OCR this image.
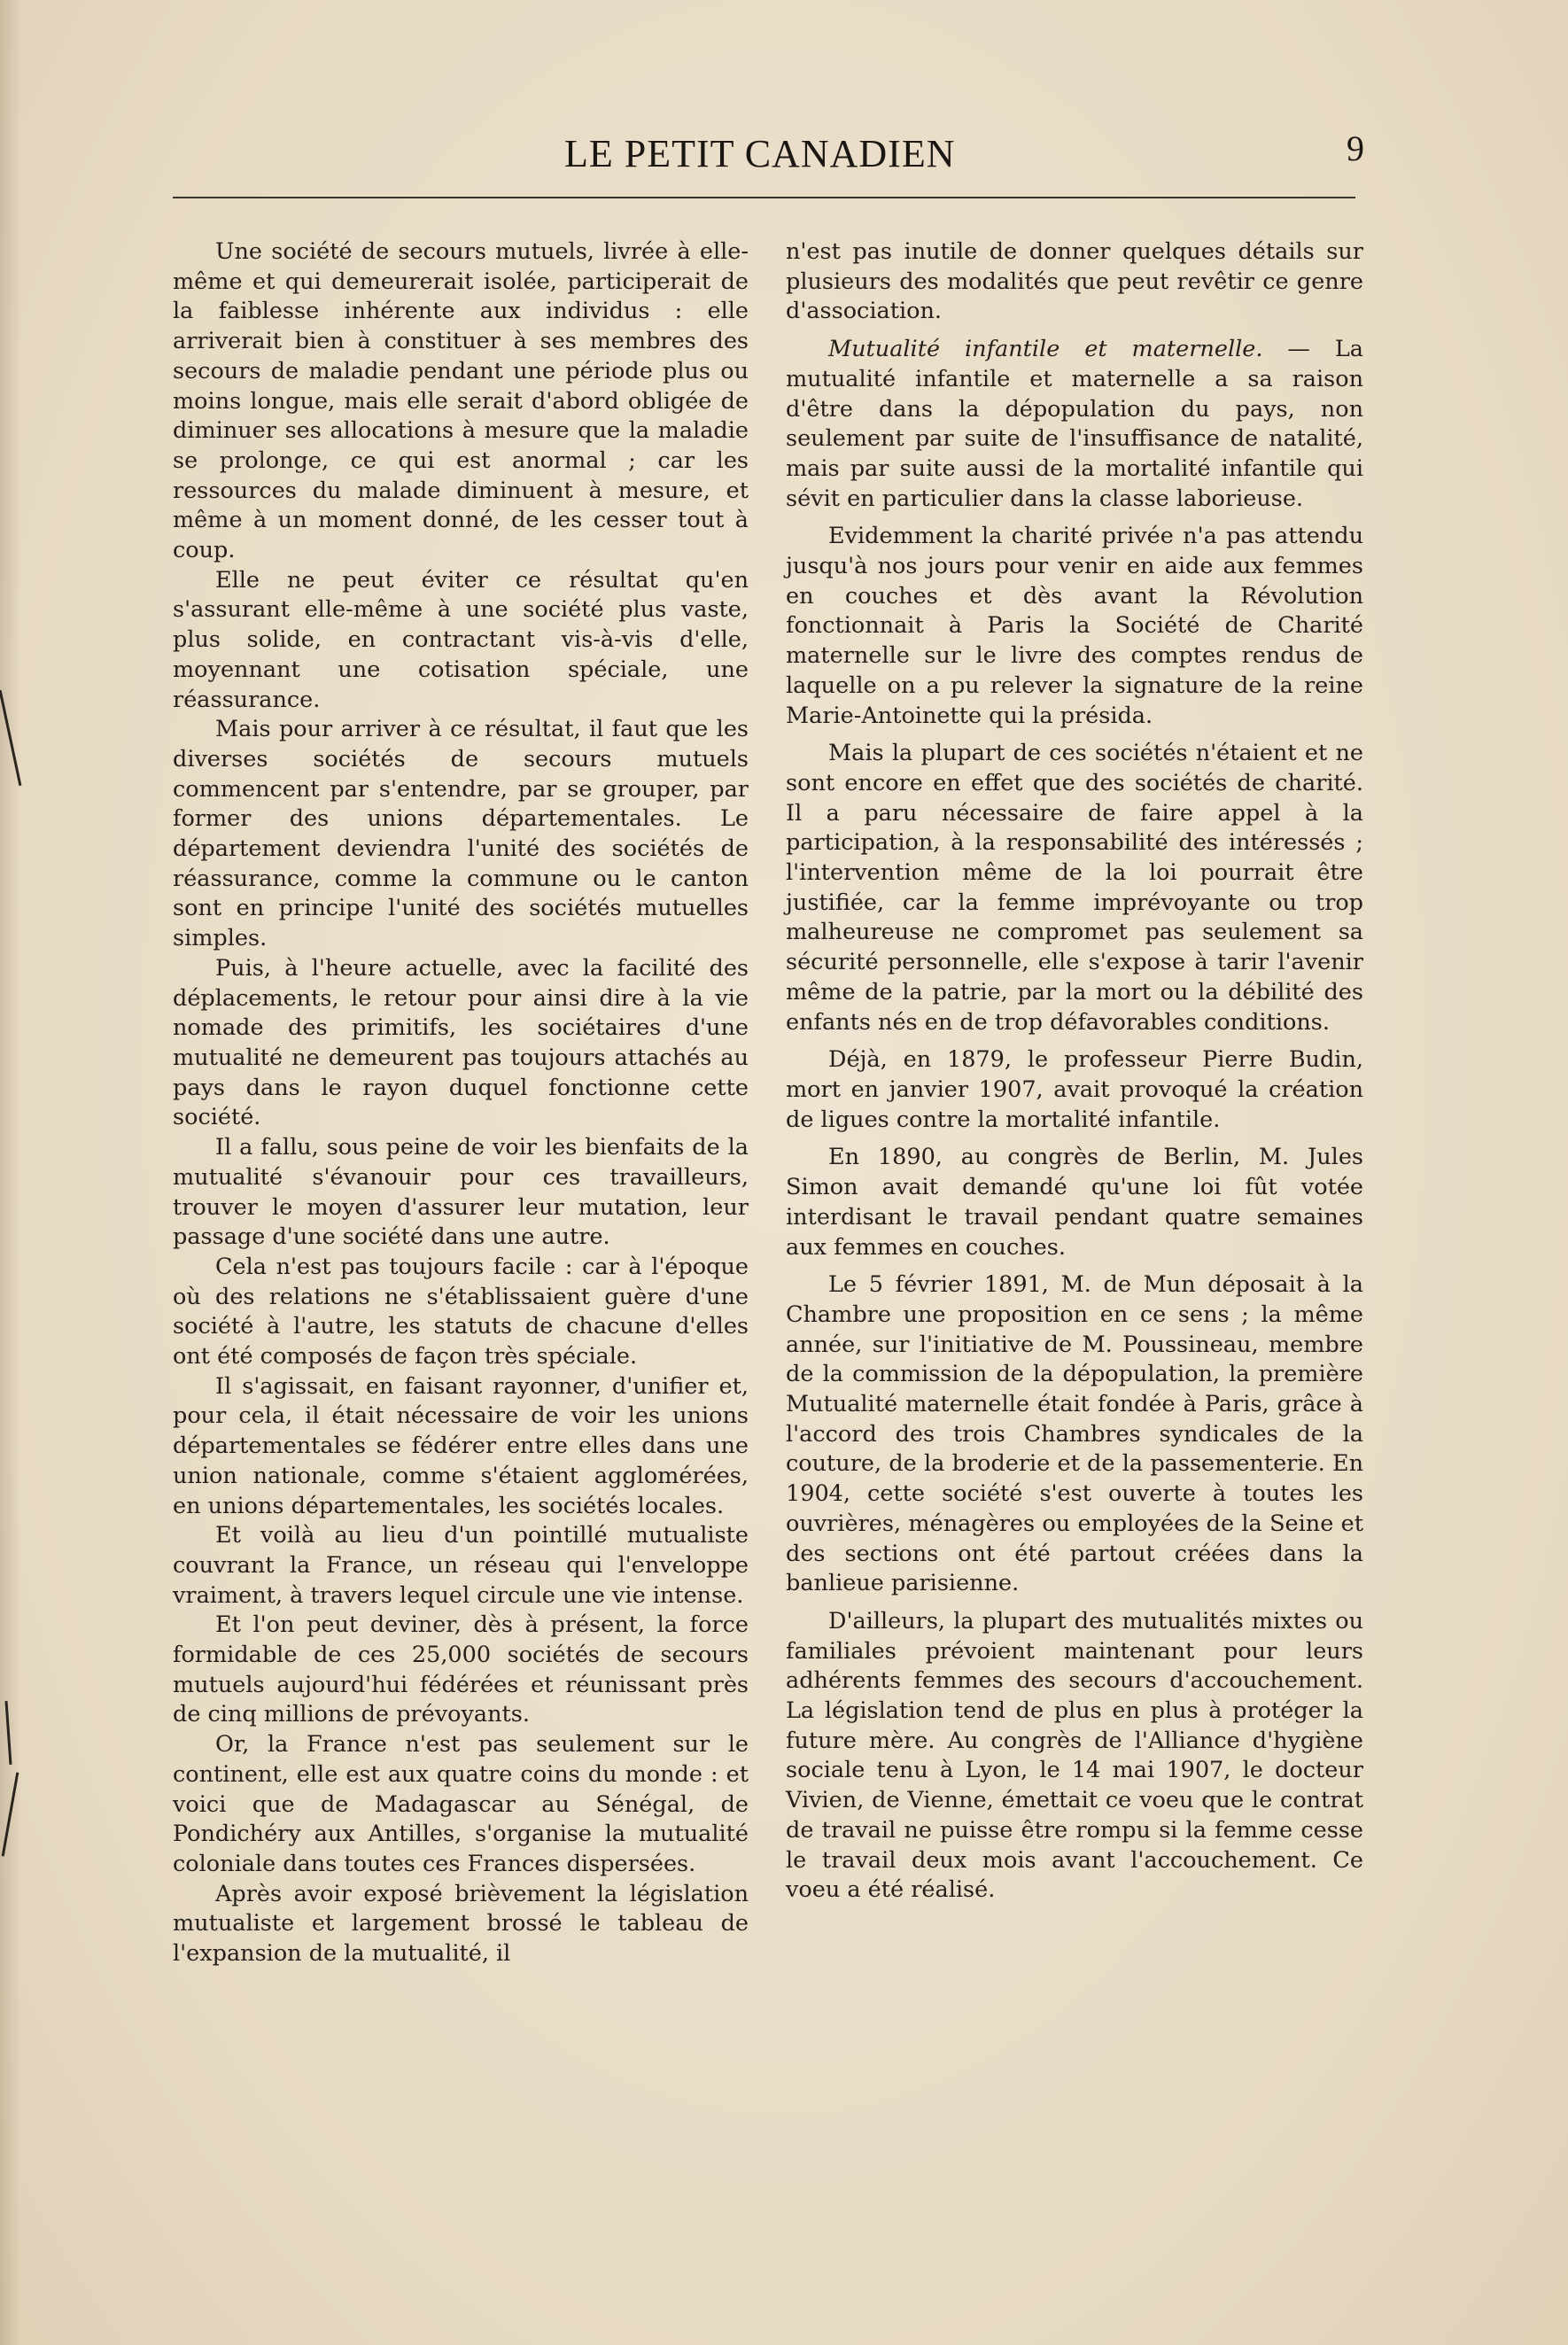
LE PETIT CANADIEN	9

Une société de secours mutuels, livrée à elle-même et qui demeurerait isolée, participerait de la faiblesse inhérente aux individus : elle arriverait bien à constituer à ses membres des secours de maladie pendant une période plus ou moins longue, mais elle serait d'abord obligée de diminuer ses allocations à mesure que la maladie se prolonge, ce qui est anormal ; car les ressources du malade diminuent à mesure, et même à un moment donné, de les cesser tout à coup.

Elle ne peut éviter ce résultat qu'en s'assurant elle-même à une société plus vaste, plus solide, en contractant vis-à-vis d'elle, moyennant une cotisation spéciale, une réassurance.

Mais pour arriver à ce résultat, il faut que les diverses sociétés de secours mutuels commencent par s'entendre, par se grouper, par former des unions départementales. Le département deviendra l'unité des sociétés de réassurance, comme la commune ou le canton sont en principe l'unité des sociétés mutuelles simples.

Puis, à l'heure actuelle, avec la facilité des déplacements, le retour pour ainsi dire à la vie nomade des primitifs, les sociétaires d'une mutualité ne demeurent pas toujours attachés au pays dans le rayon duquel fonctionne cette société.

Il a fallu, sous peine de voir les bienfaits de la mutualité s'évanouir pour ces travailleurs, trouver le moyen d'assurer leur mutation, leur passage d'une société dans une autre.

Cela n'est pas toujours facile : car à l'époque où des relations ne s'établissaient guère d'une société à l'autre, les statuts de chacune d'elles ont été composés de façon très spéciale.

Il s'agissait, en faisant rayonner, d'unifier et, pour cela, il était nécessaire de voir les unions départementales se fédérer entre elles dans une union nationale, comme s'étaient agglomérées, en unions départementales, les sociétés locales.

Et voilà au lieu d'un pointillé mutualiste couvrant la France, un réseau qui l'enveloppe vraiment, à travers lequel circule une vie intense.

Et l'on peut deviner, dès à présent, la force formidable de ces 25,000 sociétés de secours mutuels aujourd'hui fédérées et réunissant près de cinq millions de prévoyants.

Or, la France n'est pas seulement sur le continent, elle est aux quatre coins du monde : et voici que de Madagascar au Sénégal, de Pondichéry aux Antilles, s'organise la mutualité coloniale dans toutes ces Frances dispersées.

Après avoir exposé brièvement la législation mutualiste et largement brossé le tableau de l'expansion de la mutualité, il

n'est pas inutile de donner quelques détails sur plusieurs des modalités que peut revêtir ce genre d'association.

Mutualité infantile et maternelle. — La mutualité infantile et maternelle a sa raison d'être dans la dépopulation du pays, non seulement par suite de l'insuffisance de natalité, mais par suite aussi de la mortalité infantile qui sévit en particulier dans la classe laborieuse.

Evidemment la charité privée n'a pas attendu jusqu'à nos jours pour venir en aide aux femmes en couches et dès avant la Révolution fonctionnait à Paris la Société de Charité maternelle sur le livre des comptes rendus de laquelle on a pu relever la signature de la reine Marie-Antoinette qui la présida.

Mais la plupart de ces sociétés n'étaient et ne sont encore en effet que des sociétés de charité. Il a paru nécessaire de faire appel à la participation, à la responsabilité des intéressés ; l'intervention même de la loi pourrait être justifiée, car la femme imprévoyante ou trop malheureuse ne compromet pas seulement sa sécurité personnelle, elle s'expose à tarir l'avenir même de la patrie, par la mort ou la débilité des enfants nés en de trop défavorables conditions.

Déjà, en 1879, le professeur Pierre Budin, mort en janvier 1907, avait provoqué la création de ligues contre la mortalité infantile.

En 1890, au congrès de Berlin, M. Jules Simon avait demandé qu'une loi fût votée interdisant le travail pendant quatre semaines aux femmes en couches.

Le 5 février 1891, M. de Mun déposait à la Chambre une proposition en ce sens ; la même année, sur l'initiative de M. Poussineau, membre de la commission de la dépopulation, la première Mutualité maternelle était fondée à Paris, grâce à l'accord des trois Chambres syndicales de la couture, de la broderie et de la passementerie. En 1904, cette société s'est ouverte à toutes les ouvrières, ménagères ou employées de la Seine et des sections ont été partout créées dans la banlieue parisienne.

D'ailleurs, la plupart des mutualités mixtes ou familiales prévoient maintenant pour leurs adhérents femmes des secours d'accouchement. La législation tend de plus en plus à protéger la future mère. Au congrès de l'Alliance d'hygiène sociale tenu à Lyon, le 14 mai 1907, le docteur Vivien, de Vienne, émettait ce voeu que le contrat de travail ne puisse être rompu si la femme cesse le travail deux mois avant l'accouchement. Ce voeu a été réalisé.
